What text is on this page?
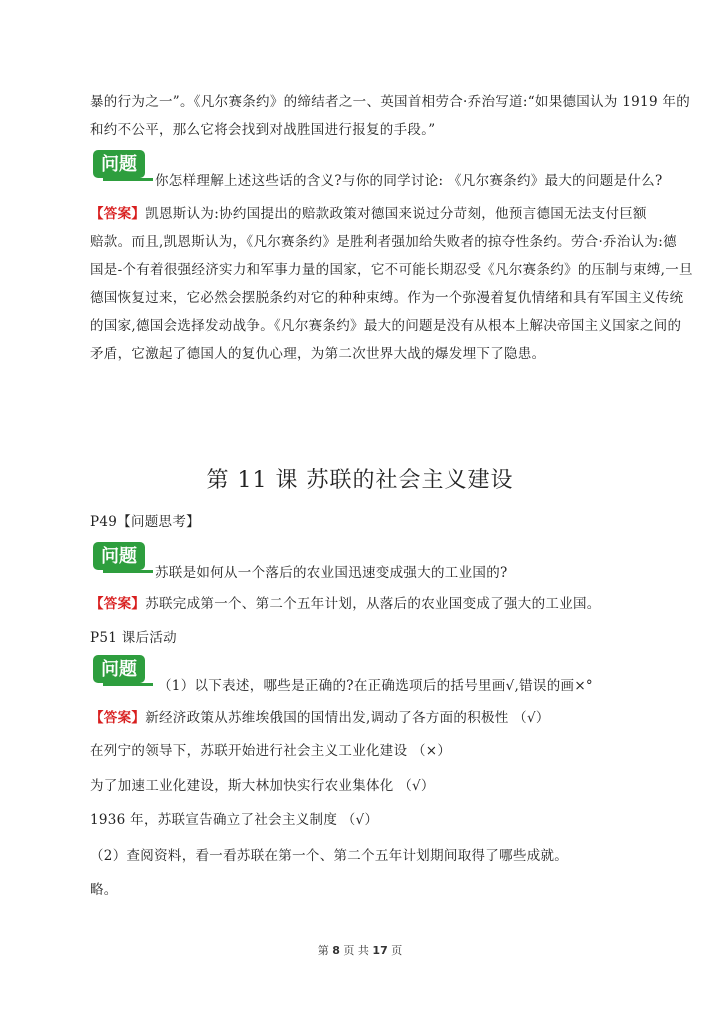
暴的行为之一”。《凡尔赛条约》的缔结者之一、英国首相劳合·乔治写道:“如果德国认为 1919 年的
和约不公平，那么它将会找到对战胜国进行报复的手段。”
问题
你怎样理解上述这些话的含义?与你的同学讨论: 《凡尔赛条约》最大的问题是什么?
【答案】凯恩斯认为:协约国提出的赔款政策对德国来说过分苛刻，他预言德国无法支付巨额
赔款。而且,凯恩斯认为，《凡尔赛条约》是胜利者强加给失败者的掠夺性条约。劳合·乔治认为:德
国是-个有着很强经济实力和军事力量的国家，它不可能长期忍受《凡尔赛条约》的压制与束缚,一旦
德国恢复过来，它必然会摆脱条约对它的种种束缚。作为一个弥漫着复仇情绪和具有军国主义传统
的国家,德国会选择发动战争。《凡尔赛条约》最大的问题是没有从根本上解决帝国主义国家之间的
矛盾，它激起了德国人的复仇心理，为第二次世界大战的爆发埋下了隐患。
第 11 课 苏联的社会主义建设
P49【问题思考】
问题
苏联是如何从一个落后的农业国迅速变成强大的工业国的?
【答案】苏联完成第一个、第二个五年计划，从落后的农业国变成了强大的工业国。
P51 课后活动
问题
（1）以下表述，哪些是正确的?在正确选项后的括号里画√,错误的画×°
【答案】新经济政策从苏维埃俄国的国情出发,调动了各方面的积极性 （√）
在列宁的领导下，苏联开始进行社会主义工业化建设 （×）
为了加速工业化建设，斯大林加快实行农业集体化 （√）
1936 年，苏联宣告确立了社会主义制度 （√）
（2）查阅资料，看一看苏联在第一个、第二个五年计划期间取得了哪些成就。
略。
第 8 页 共 17 页
